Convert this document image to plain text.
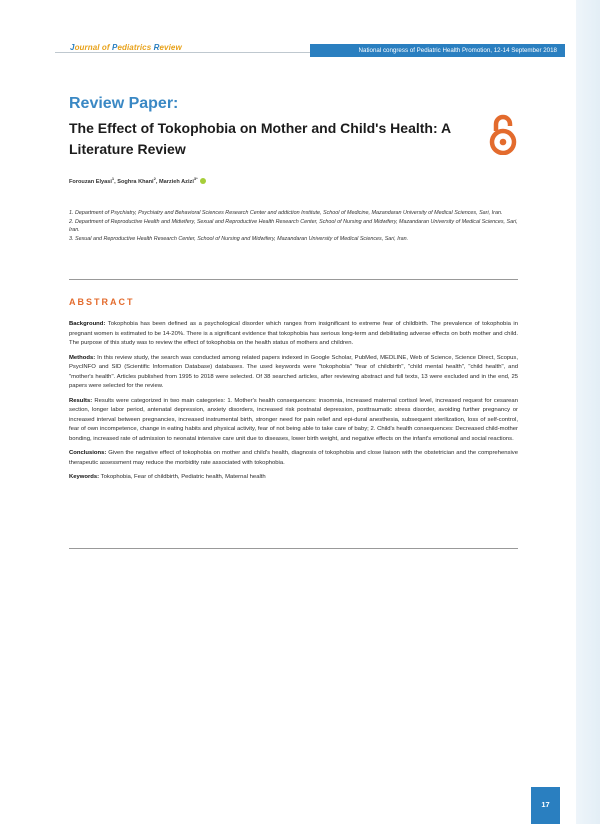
Journal of Pediatrics Review	National congress of Pediatric Health Promotion, 12-14 September 2018
Review Paper:
The Effect of Tokophobia on Mother and Child's Health: A Literature Review
Forouzan Elyasi$^1$, Soghra Khani$^2$, Marzieh Azizi$^{3*}$

1. Department of Psychiatry, Psychiatry and Behavioral Sciences Research Center and addiction Institute, School of Medicine, Mazandaran University of Medical Sciences, Sari, Iran.

2. Department of Reproductive Health and Midwifery, Sexual and Reproductive Health Research Center, School of Nursing and Midwifery, Mazandaran University of Medical Sciences, Sari, Iran.

3. Sexual and Reproductive Health Research Center, School of Nursing and Midwifery, Mazandaran University of Medical Sciences, Sari, Iran.

ABSTRACT

Background: Tokophobia has been defined as a psychological disorder which ranges from insignificant to extreme fear of childbirth. The prevalence of tokophobia in pregnant women is estimated to be 14-20%. There is a significant evidence that tokophobia has serious long-term and debilitating adverse effects on both mother and child. The purpose of this study was to review the effect of tokophobia on the health status of mothers and children.

Methods: In this review study, the search was conducted among related papers indexed in Google Scholar, PubMed, MEDLINE, Web of Science, Science Direct, Scopus, PsycINFO and SID (Scientific Information Database) databases. The used keywords were "tokophobia" "fear of childbirth", "child mental health", "child health", and "mother's health". Articles published from 1995 to 2018 were selected. Of 38 searched articles, after reviewing abstract and full texts, 13 were excluded and in the end, 25 papers were selected for the review.

Results: Results were categorized in two main categories: 1. Mother's health consequences: insomnia, increased maternal cortisol level, increased request for cesarean section, longer labor period, antenatal depression, anxiety disorders, increased risk postnatal depression, posttraumatic stress disorder, avoiding further pregnancy or increased interval between pregnancies, increased instrumental birth, stronger need for pain relief and epi-dural anesthesia, subsequent sterilization, loss of self-control, fear of own incompetence, change in eating habits and physical activity, fear of not being able to take care of baby; 2. Child's health consequences: Decreased child-mother bonding, increased rate of admission to neonatal intensive care unit due to diseases, lower birth weight, and negative effects on the infant's emotional and social reactions.

Conclusions: Given the negative effect of tokophobia on mother and child's health, diagnosis of tokophobia and close liaison with the obstetrician and the comprehensive therapeutic assessment may reduce the morbidity rate associated with tokophobia.

Keywords: Tokophobia, Fear of childbirth, Pediatric health, Maternal health

17
